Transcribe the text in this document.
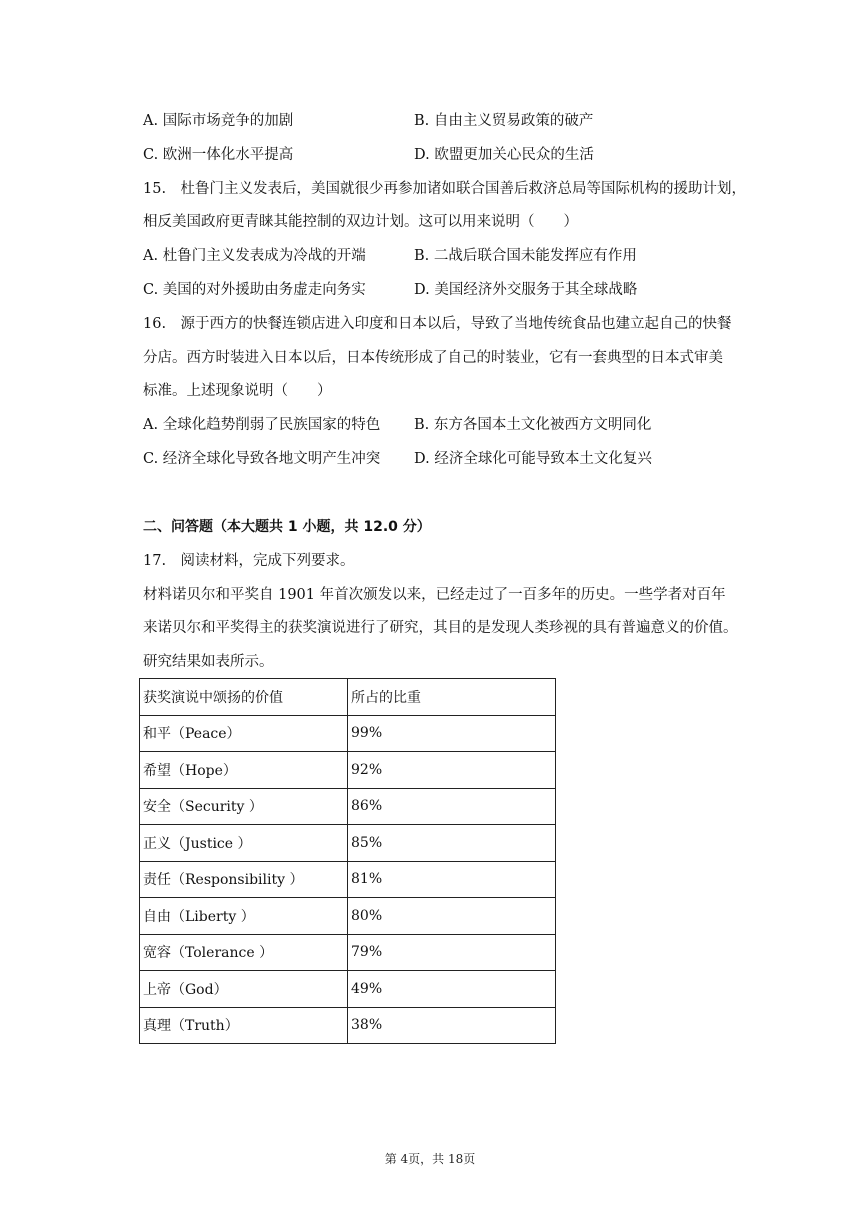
A. 国际市场竞争的加剧	B. 自由主义贸易政策的破产
C. 欧洲一体化水平提高	D. 欧盟更加关心民众的生活
15.　杜鲁门主义发表后，美国就很少再参加诸如联合国善后救济总局等国际机构的援助计划，
相反美国政府更青睐其能控制的双边计划。这可以用来说明（　　）
A. 杜鲁门主义发表成为冷战的开端	B. 二战后联合国未能发挥应有作用
C. 美国的对外援助由务虚走向务实	D. 美国经济外交服务于其全球战略
16.　源于西方的快餐连锁店进入印度和日本以后，导致了当地传统食品也建立起自己的快餐
分店。西方时装进入日本以后，日本传统形成了自己的时装业，它有一套典型的日本式审美
标准。上述现象说明（　　）
A. 全球化趋势削弱了民族国家的特色 B. 东方各国本土文化被西方文明同化
C. 经济全球化导致各地文明产生冲突 D. 经济全球化可能导致本土文化复兴
二、问答题（本大题共 1 小题，共 12.0 分）
17.　阅读材料，完成下列要求。
材料诺贝尔和平奖自 1901 年首次颁发以来，已经走过了一百多年的历史。一些学者对百年
来诺贝尔和平奖得主的获奖演说进行了研究，其目的是发现人类珍视的具有普遍意义的价值。
研究结果如表所示。
获奖演说中颂扬的价值	所占的比重
和平（Peace）	99%
希望（Hope）	92%
安全（Security ）	86%
正义（Justice ）	85%
责任（Responsibility ）	81%
自由（Liberty ）	80%
宽容（Tolerance ）	79%
上帝（God）	49%
真理（Truth）	38%
第 4页，共 18页
